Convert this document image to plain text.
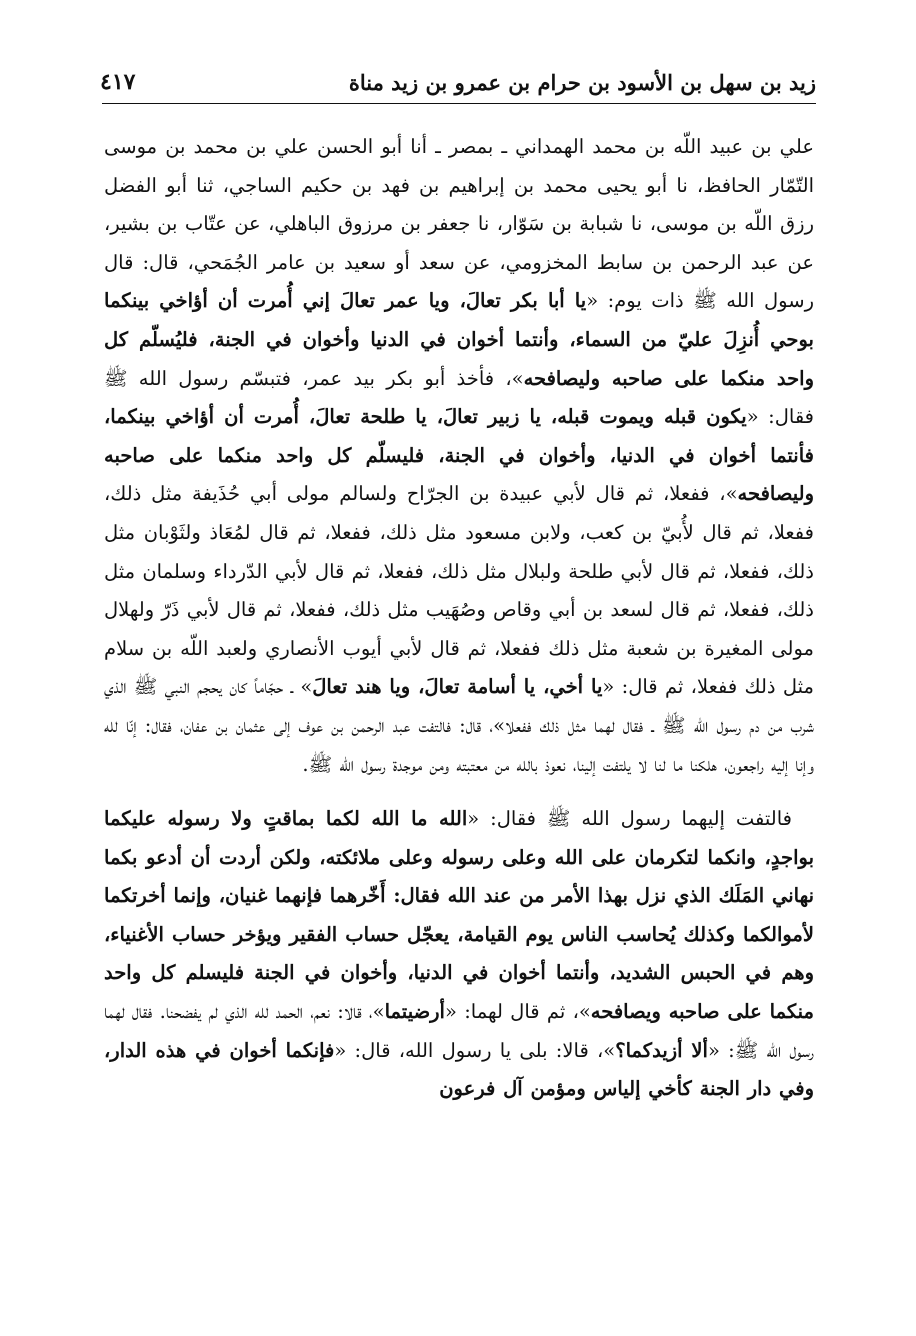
زيد بن سهل بن الأسود بن حرام بن عمرو بن زيد مناة
٤١٧

علي بن عبيد اللّه بن محمد الهمداني ـ بمصر ـ أنا أبو الحسن علي بن محمد بن موسى التّمّار الحافظ، نا أبو يحيى محمد بن إبراهيم بن فهد بن حكيم الساجي، ثنا أبو الفضل رزق اللّه بن موسى، نا شبابة بن سَوّار، نا جعفر بن مرزوق الباهلي، عن عتّاب بن بشير، عن عبد الرحمن بن سابط المخزومي، عن سعد أو سعيد بن عامر الجُمَحي، قال: قال رسول الله ﷺ ذات يوم: «يا أبا بكر تعالَ، ويا عمر تعالَ إني أُمرت أن أؤاخي بينكما بوحي أُنزِلَ عليّ من السماء، وأنتما أخوان في الدنيا وأخوان في الجنة، فليُسلّم كل واحد منكما على صاحبه وليصافحه»، فأخذ أبو بكر بيد عمر، فتبسّم رسول الله ﷺ فقال: «يكون قبله ويموت قبله، يا زبير تعالَ، يا طلحة تعالَ، أُمرت أن أؤاخي بينكما، فأنتما أخوان في الدنيا، وأخوان في الجنة، فليسلّم كل واحد منكما على صاحبه وليصافحه»، ففعلا، ثم قال لأبي عبيدة بن الجرّاح ولسالم مولى أبي حُذَيفة مثل ذلك، ففعلا، ثم قال لأُبيّ بن كعب، ولابن مسعود مثل ذلك، ففعلا، ثم قال لمُعَاذ ولثَوْبان مثل ذلك، ففعلا، ثم قال لأبي طلحة ولبلال مثل ذلك، ففعلا، ثم قال لأبي الدّرداء وسلمان مثل ذلك، ففعلا، ثم قال لسعد بن أبي وقاص وصُهَيب مثل ذلك، ففعلا، ثم قال لأبي ذَرّ ولهلال مولى المغيرة بن شعبة مثل ذلك ففعلا، ثم قال لأبي أيوب الأنصاري ولعبد اللّه بن سلام مثل ذلك ففعلا، ثم قال: «يا أخي، يا أسامة تعالَ، ويا هند تعالَ» ـ حجّاماً كان يحجم النبي ﷺ الذي شرب من دم رسول الله ﷺ ـ فقال لهما مثل ذلك ففعلا»، قال: فالتفت عبد الرحمن بن عوف إلى عثمان بن عفان، فقال: إنّا لله وإنا إليه راجعون، هلكنا ما لنا لا يلتفت إلينا، نعوذ بالله من معتبته ومن موجدة رسول الله ﷺ.

فالتفت إليهما رسول الله ﷺ فقال: «الله ما الله لكما بماقتٍ ولا رسوله عليكما بواجدٍ، وانكما لتكرمان على الله وعلى رسوله وعلى ملائكته، ولكن أردت أن أدعو بكما نهاني المَلَك الذي نزل بهذا الأمر من عند الله فقال: أَخّرهما فإنهما غنيان، وإنما أخرتكما لأموالكما وكذلك يُحاسب الناس يوم القيامة، يعجّل حساب الفقير ويؤخر حساب الأغنياء، وهم في الحبس الشديد، وأنتما أخوان في الدنيا، وأخوان في الجنة فليسلم كل واحد منكما على صاحبه ويصافحه»، ثم قال لهما: «أرضيتما»، قالا: نعم، الحمد لله الذي لم يفضحنا. فقال لهما رسول الله ﷺ: «ألا أزيدكما؟»، قالا: بلى يا رسول الله، قال: «فإنكما أخوان في هذه الدار، وفي دار الجنة كأخي إلياس ومؤمن آل فرعون
